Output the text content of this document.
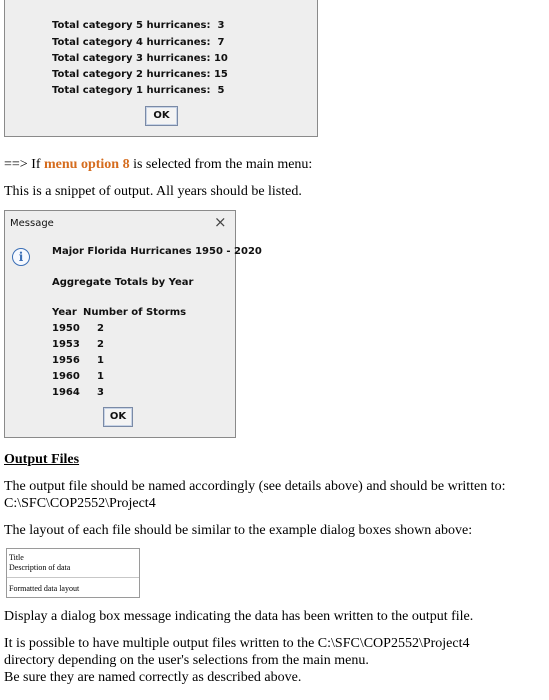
Total category 5 hurricanes:  3
Total category 4 hurricanes:  7
Total category 3 hurricanes: 10
Total category 2 hurricanes: 15
Total category 1 hurricanes:  5
OK
==> If menu option 8 is selected from the main menu:
This is a snippet of output. All years should be listed.
Message	×
i	Major Florida Hurricanes 1950 - 2020
Aggregate Totals by Year
Year Number of Storms
1950 2
1953 2
1956 1
1960 1
1964 3
OK
Output Files
The output file should be named accordingly (see details above) and should be written to:
C:\SFC\COP2552\Project4
The layout of each file should be similar to the example dialog boxes shown above:
Title
Description of data
Formatted data layout
Display a dialog box message indicating the data has been written to the output file.
It is possible to have multiple output files written to the C:\SFC\COP2552\Project4
directory depending on the user's selections from the main menu.
Be sure they are named correctly as described above.
